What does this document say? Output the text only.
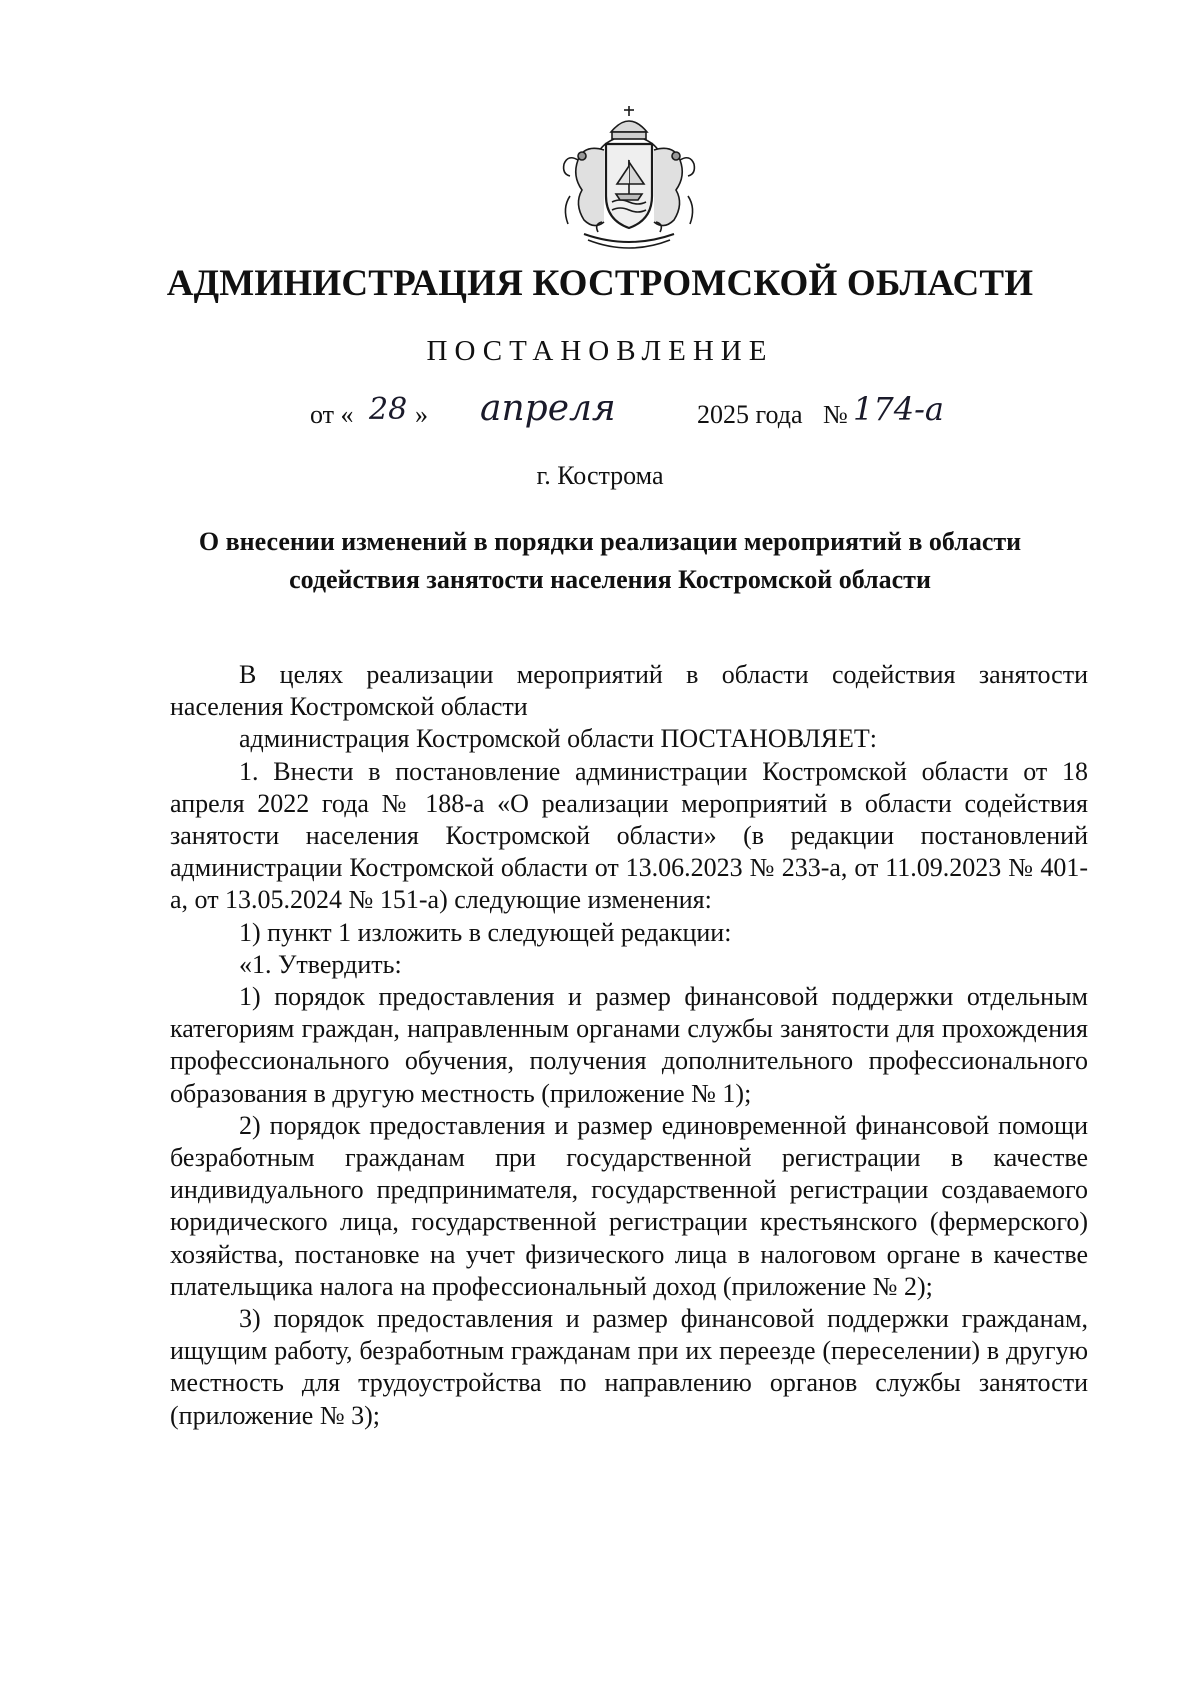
АДМИНИСТРАЦИЯ КОСТРОМСКОЙ ОБЛАСТИ
ПОСТАНОВЛЕНИЕ
от « 28 » апреля	2025 года № 174-а
г. Кострома
О внесении изменений в порядки реализации мероприятий в области
содействия занятости населения Костромской области

В целях реализации мероприятий в области содействия занятости населения Костромской области

администрация Костромской области ПОСТАНОВЛЯЕТ:

1. Внести в постановление администрации Костромской области от 18 апреля 2022 года № 188-а «О реализации мероприятий в области содействия занятости населения Костромской области» (в редакции постановлений администрации Костромской области от 13.06.2023 № 233-а, от 11.09.2023 № 401-а, от 13.05.2024 № 151-а) следующие изменения:

1) пункт 1 изложить в следующей редакции:

«1. Утвердить:

1) порядок предоставления и размер финансовой поддержки отдельным категориям граждан, направленным органами службы занятости для прохождения профессионального обучения, получения дополнительного профессионального образования в другую местность (приложение № 1);

2) порядок предоставления и размер единовременной финансовой помощи безработным гражданам при государственной регистрации в качестве индивидуального предпринимателя, государственной регистрации создаваемого юридического лица, государственной регистрации крестьянского (фермерского) хозяйства, постановке на учет физического лица в налоговом органе в качестве плательщика налога на профессиональный доход (приложение № 2);

3) порядок предоставления и размер финансовой поддержки гражданам, ищущим работу, безработным гражданам при их переезде (переселении) в другую местность для трудоустройства по направлению органов службы занятости (приложение № 3);
